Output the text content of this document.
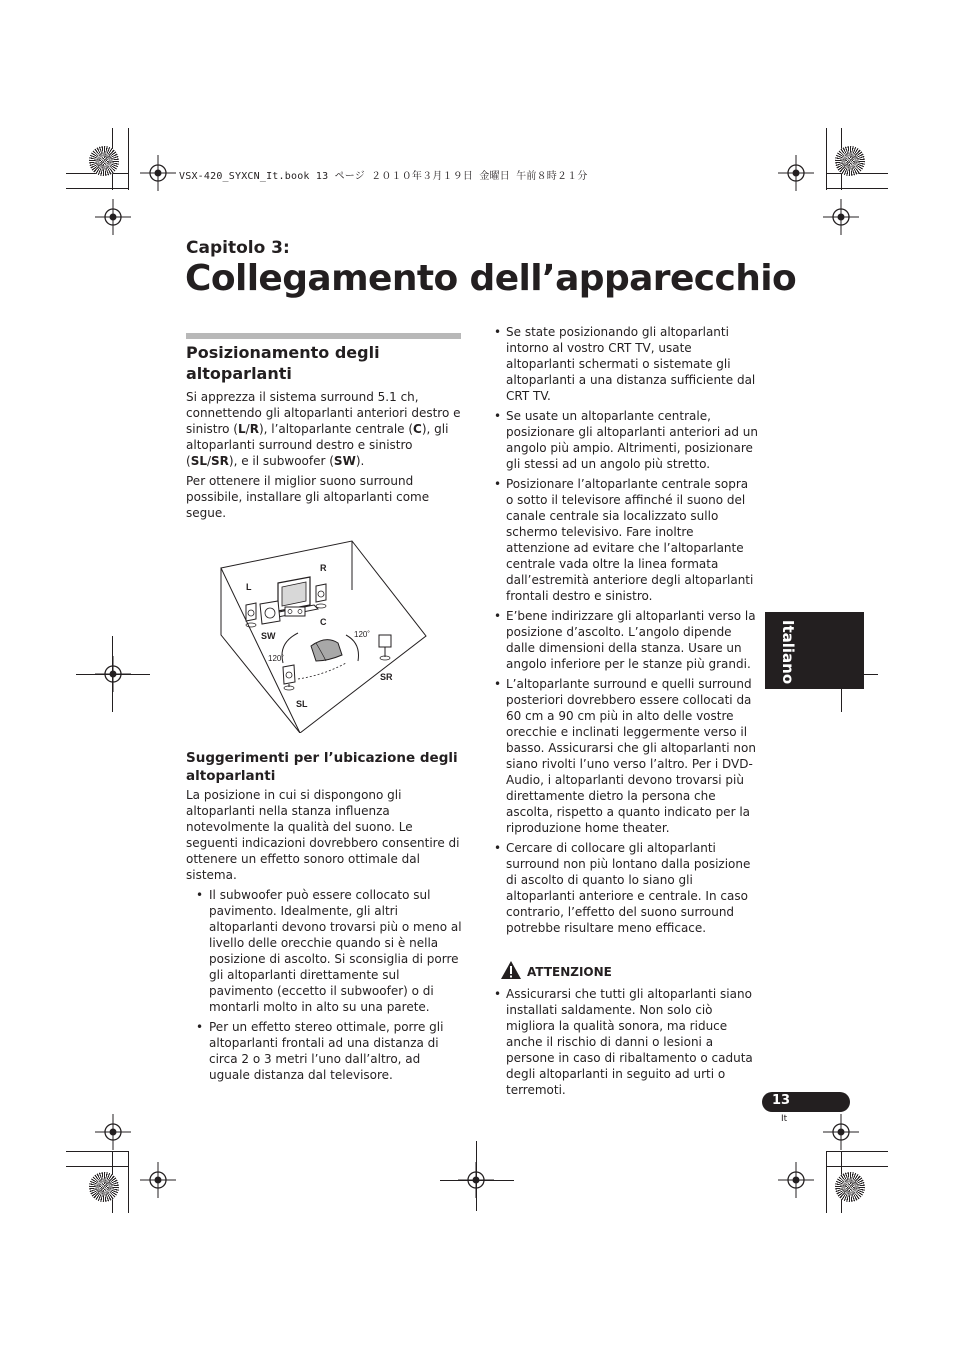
VSX-420_SYXCN_It.book 13 ページ ２０１０年３月１９日 金曜日 午前８時２１分
Capitolo 3:
Collegamento dell’apparecchio
Posizionamento degli altoparlanti

Si apprezza il sistema surround 5.1 ch, connettendo gli altoparlanti anteriori destro e sinistro (L/R), l’altoparlante centrale (C), gli altoparlanti surround destro e sinistro (SL/SR), e il subwoofer (SW).

Per ottenere il miglior suono surround possibile, installare gli altoparlanti come segue.

L
R
C
SW
SL
SR
120˚
120˚
Suggerimenti per l’ubicazione degli altoparlanti

La posizione in cui si dispongono gli altoparlanti nella stanza influenza notevolmente la qualità del suono. Le seguenti indicazioni dovrebbero consentire di ottenere un effetto sonoro ottimale dal sistema.

• Il subwoofer può essere collocato sul pavimento. Idealmente, gli altri altoparlanti devono trovarsi più o meno al livello delle orecchie quando si è nella posizione di ascolto. Si sconsiglia di porre gli altoparlanti direttamente sul pavimento (eccetto il subwoofer) o di montarli molto in alto su una parete.
• Per un effetto stereo ottimale, porre gli altoparlanti frontali ad una distanza di circa 2 o 3 metri l’uno dall’altro, ad uguale distanza dal televisore.
• Se state posizionando gli altoparlanti intorno al vostro CRT TV, usate altoparlanti schermati o sistemate gli altoparlanti a una distanza sufficiente dal CRT TV.
• Se usate un altoparlante centrale, posizionare gli altoparlanti anteriori ad un angolo più ampio. Altrimenti, posizionare gli stessi ad un angolo più stretto.
• Posizionare l’altoparlante centrale sopra o sotto il televisore affinché il suono del canale centrale sia localizzato sullo schermo televisivo. Fare inoltre attenzione ad evitare che l’altoparlante centrale vada oltre la linea formata dall’estremità anteriore degli altoparlanti frontali destro e sinistro.
• E’bene indirizzare gli altoparlanti verso la posizione d’ascolto. L’angolo dipende dalle dimensioni della stanza. Usare un angolo inferiore per le stanze più grandi.
• L’altoparlante surround e quelli surround posteriori dovrebbero essere collocati da 60 cm a 90 cm più in alto delle vostre orecchie e inclinati leggermente verso il basso. Assicurarsi che gli altoparlanti non siano rivolti l’uno verso l’altro. Per i DVD-Audio, i altoparlanti devono trovarsi più direttamente dietro la persona che ascolta, rispetto a quanto indicato per la riproduzione home theater.
• Cercare di collocare gli altoparlanti surround non più lontano dalla posizione di ascolto di quanto lo siano gli altoparlanti anteriore e centrale. In caso contrario, l’effetto del suono surround potrebbe risultare meno efficace.
ATTENZIONE
• Assicurarsi che tutti gli altoparlanti siano installati saldamente. Non solo ciò migliora la qualità sonora, ma riduce anche il rischio di danni o lesioni a persone in caso di ribaltamento o caduta degli altoparlanti in seguito ad urti o terremoti.
Italiano
13
It
